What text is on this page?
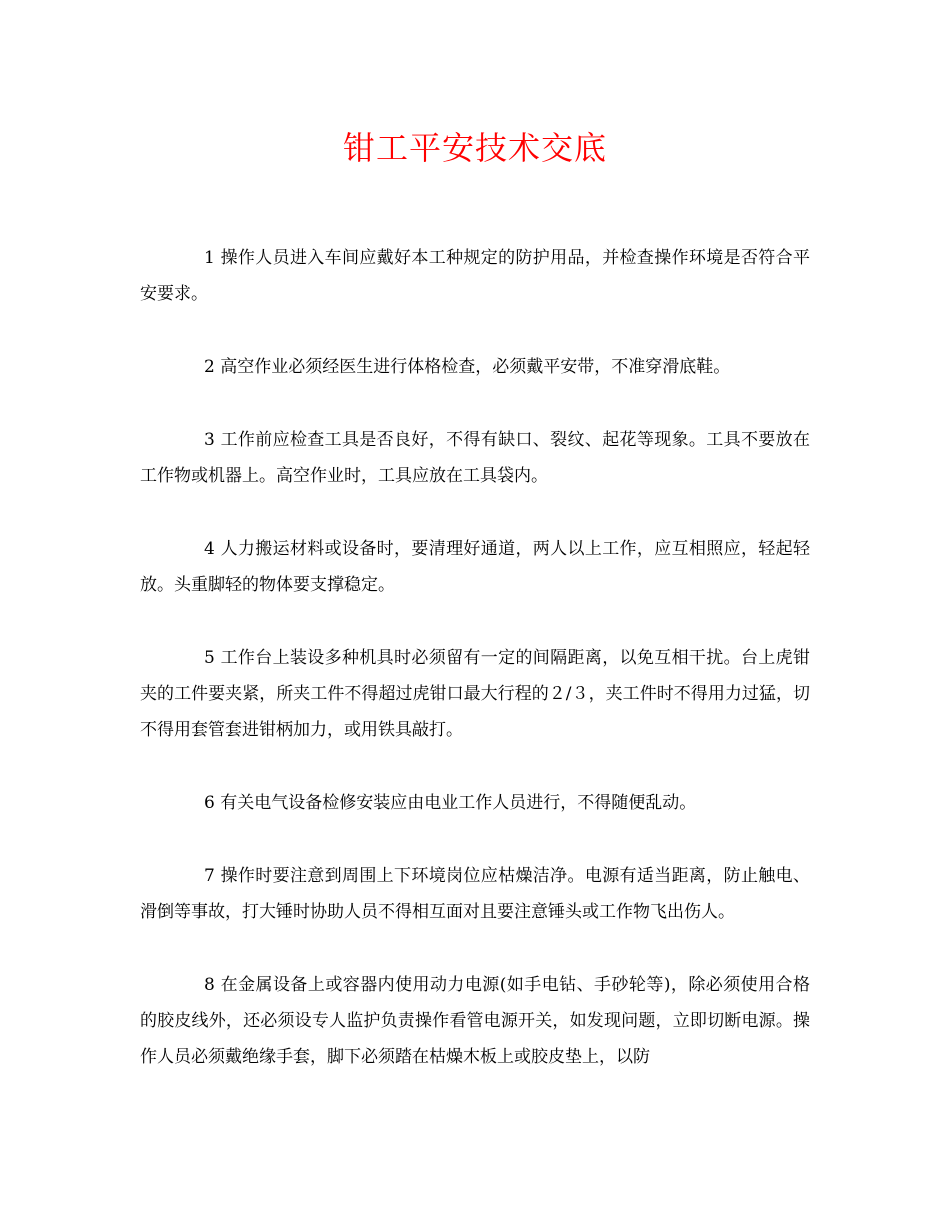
钳工平安技术交底

1 操作人员进入车间应戴好本工种规定的防护用品，并检查操作环境是否符合平安要求。

2 高空作业必须经医生进行体格检查，必须戴平安带，不准穿滑底鞋。

3 工作前应检查工具是否良好，不得有缺口、裂纹、起花等现象。工具不要放在工作物或机器上。高空作业时，工具应放在工具袋内。

4 人力搬运材料或设备时，要清理好通道，两人以上工作，应互相照应，轻起轻放。头重脚轻的物体要支撑稳定。

5 工作台上装设多种机具时必须留有一定的间隔距离，以免互相干扰。台上虎钳夹的工件要夹紧，所夹工件不得超过虎钳口最大行程的２/３，夹工件时不得用力过猛，切不得用套管套进钳柄加力，或用铁具敲打。

6 有关电气设备检修安装应由电业工作人员进行，不得随便乱动。

7 操作时要注意到周围上下环境岗位应枯燥洁净。电源有适当距离，防止触电、滑倒等事故，打大锤时协助人员不得相互面对且要注意锤头或工作物飞出伤人。

8 在金属设备上或容器内使用动力电源(如手电钻、手砂轮等)，除必须使用合格的胶皮线外，还必须设专人监护负责操作看管电源开关，如发现问题，立即切断电源。操作人员必须戴绝缘手套，脚下必须踏在枯燥木板上或胶皮垫上，以防
